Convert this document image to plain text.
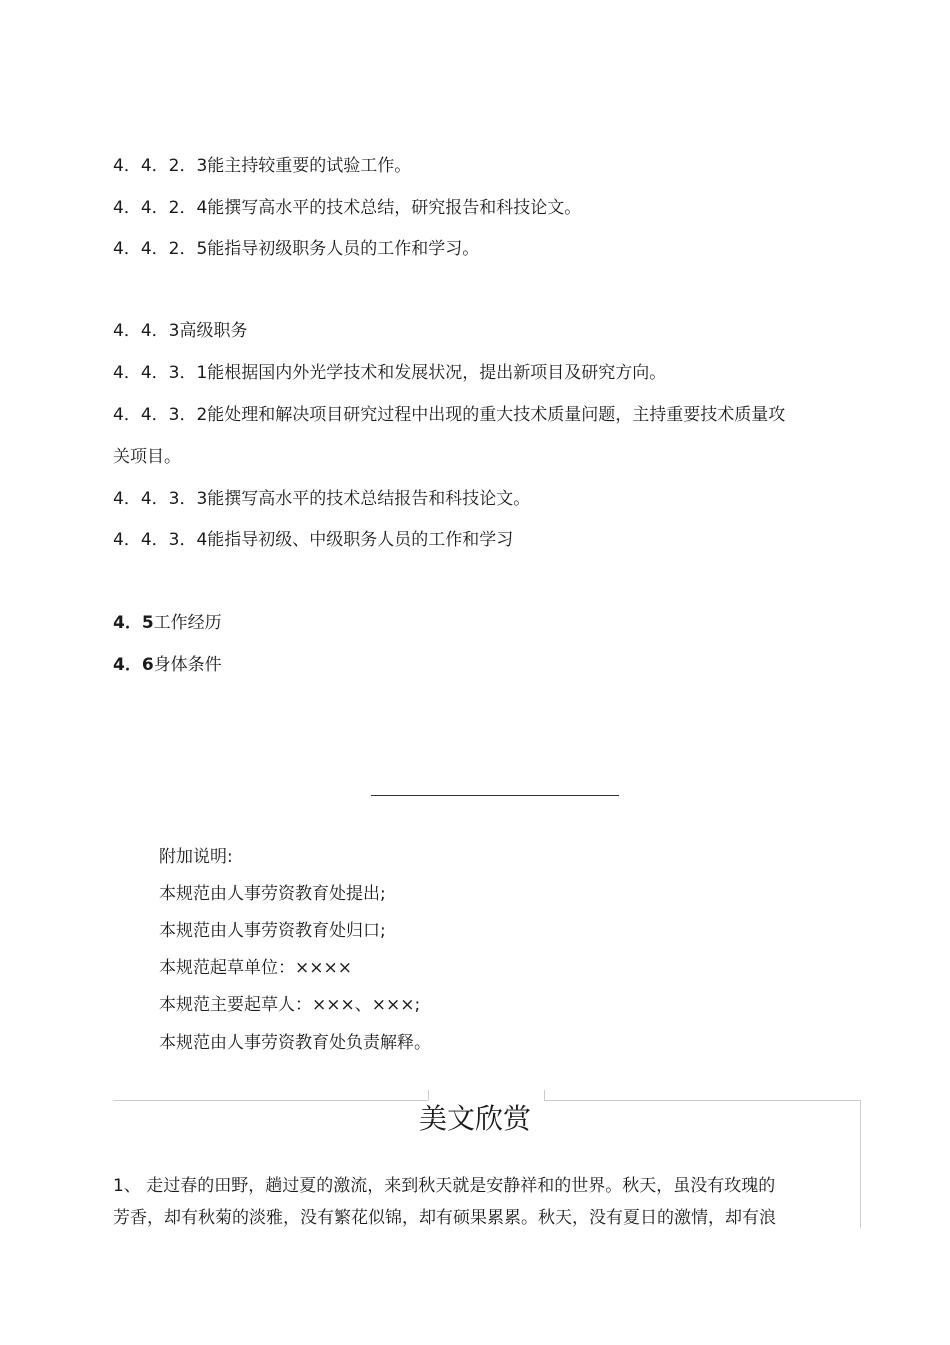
4．4．2．3能主持较重要的试验工作。
4．4．2．4能撰写高水平的技术总结，研究报告和科技论文。
4．4．2．5能指导初级职务人员的工作和学习。
4．4．3高级职务
4．4．3．1能根据国内外光学技术和发展状况，提出新项目及研究方向。
4．4．3．2能处理和解决项目研究过程中出现的重大技术质量问题，主持重要技术质量攻
关项目。
4．4．3．3能撰写高水平的技术总结报告和科技论文。
4．4．3．4能指导初级、中级职务人员的工作和学习
4．5工作经历
4．6身体条件
附加说明:
本规范由人事劳资教育处提出;
本规范由人事劳资教育处归口;
本规范起草单位：××××
本规范主要起草人：×××、×××;
本规范由人事劳资教育处负责解释。
美文欣赏
1、 走过春的田野，趟过夏的激流，来到秋天就是安静祥和的世界。秋天，虽没有玫瑰的
芳香，却有秋菊的淡雅，没有繁花似锦，却有硕果累累。秋天，没有夏日的激情，却有浪
